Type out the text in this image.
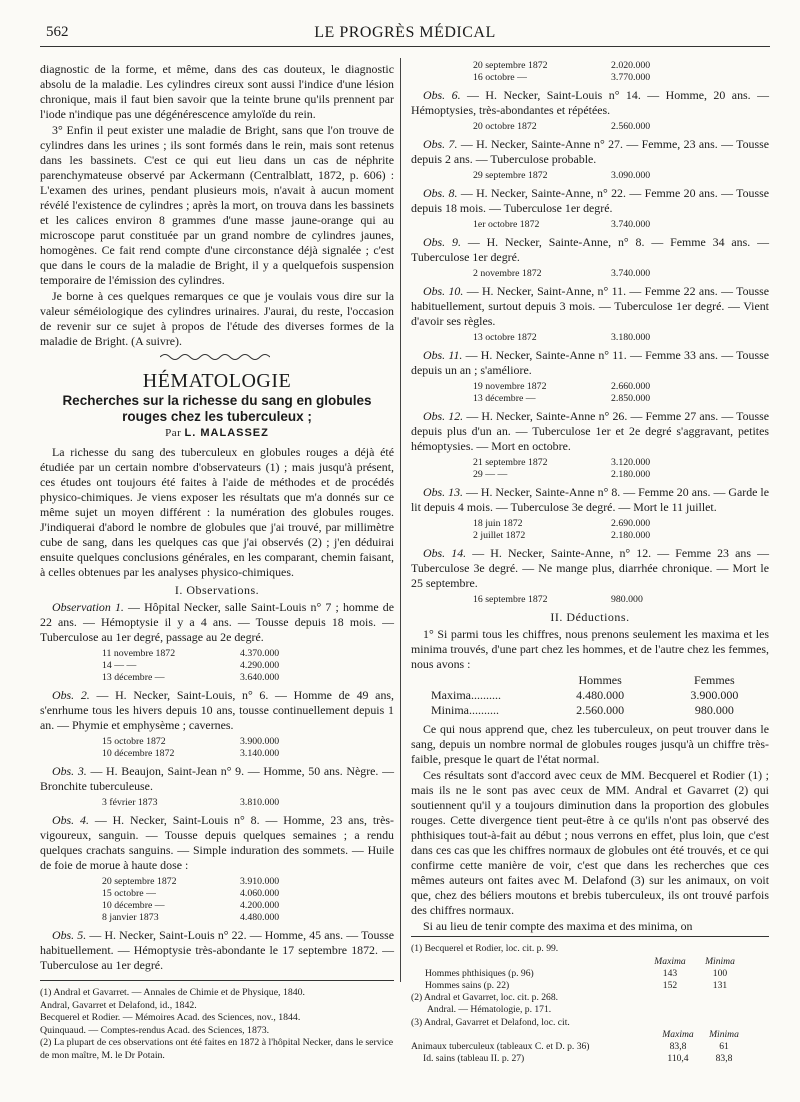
562	LE PROGRÈS MÉDICAL

diagnostic de la forme, et même, dans des cas douteux, le diagnostic absolu de la maladie. Les cylindres cireux sont aussi l'indice d'une lésion chronique, mais il faut bien savoir que la teinte brune qu'ils prennent par l'iode n'indique pas une dégénérescence amyloïde du rein.

3° Enfin il peut exister une maladie de Bright, sans que l'on trouve de cylindres dans les urines ; ils sont formés dans le rein, mais sont retenus dans les bassinets. C'est ce qui eut lieu dans un cas de néphrite parenchymateuse observé par Ackermann (Centralblatt, 1872, p. 606) : L'examen des urines, pendant plusieurs mois, n'avait à aucun moment révélé l'existence de cylindres ; après la mort, on trouva dans les bassinets et les calices environ 8 grammes d'une masse jaune-orange qui au microscope parut constituée par un grand nombre de cylindres jaunes, homogènes. Ce fait rend compte d'une circonstance déjà signalée ; c'est que dans le cours de la maladie de Bright, il y a quelquefois suspension temporaire de l'émission des cylindres.

Je borne à ces quelques remarques ce que je voulais vous dire sur la valeur séméiologique des cylindres urinaires. J'aurai, du reste, l'occasion de revenir sur ce sujet à propos de l'étude des diverses formes de la maladie de Bright. (A suivre).

HÉMATOLOGIE
Recherches sur la richesse du sang en globules rouges chez les tuberculeux ;
Par L. MALASSEZ

La richesse du sang des tuberculeux en globules rouges a déjà été étudiée par un certain nombre d'observateurs (1) ; mais jusqu'à présent, ces études ont toujours été faites à l'aide de méthodes et de procédés physico-chimiques. Je viens exposer les résultats que m'a donnés sur ce même sujet un moyen différent : la numération des globules rouges. J'indiquerai d'abord le nombre de globules que j'ai trouvé, par millimètre cube de sang, dans les quelques cas que j'ai observés (2) ; j'en déduirai ensuite quelques conclusions générales, en les comparant, chemin faisant, à celles obtenues par les analyses physico-chimiques.

I. Observations.

Observation 1. — Hôpital Necker, salle Saint-Louis n° 7 ; homme de 22 ans. — Hémoptysie il y a 4 ans. — Tousse depuis 18 mois. — Tuberculose au 1er degré, passage au 2e degré.

11 novembre 1872	4.370.000
14 — —	4.290.000
13 décembre —	3.640.000

Obs. 2. — H. Necker, Saint-Louis, n° 6. — Homme de 49 ans, s'enrhume tous les hivers depuis 10 ans, tousse continuellement depuis 1 an. — Phymie et emphysème ; cavernes.

15 octobre 1872	3.900.000
10 décembre 1872	3.140.000

Obs. 3. — H. Beaujon, Saint-Jean n° 9. — Homme, 50 ans. Nègre. — Bronchite tuberculeuse.

3 février 1873	3.810.000

Obs. 4. — H. Necker, Saint-Louis n° 8. — Homme, 23 ans, très-vigoureux, sanguin. — Tousse depuis quelques semaines ; a rendu quelques crachats sanguins. — Simple induration des sommets. — Huile de foie de morue à haute dose :

20 septembre 1872	3.910.000
15 octobre —	4.060.000
10 décembre —	4.200.000
8 janvier 1873	4.480.000

Obs. 5. — H. Necker, Saint-Louis n° 22. — Homme, 45 ans. — Tousse habituellement. — Hémoptysie très-abondante le 17 septembre 1872. — Tuberculose au 1er degré.

(1) Andral et Gavarret. — Annales de Chimie et de Physique, 1840.
Andral, Gavarret et Delafond, id., 1842.
Becquerel et Rodier. — Mémoires Acad. des Sciences, nov., 1844.
Quinquaud. — Comptes-rendus Acad. des Sciences, 1873.
(2) La plupart de ces observations ont été faites en 1872 à l'hôpital Necker, dans le service de mon maître, M. le Dr Potain.
20 septembre 1872	2.020.000
16 octobre —	3.770.000

Obs. 6. — H. Necker, Saint-Louis n° 14. — Homme, 20 ans. — Hémoptysies, très-abondantes et répétées.

20 octobre 1872	2.560.000

Obs. 7. — H. Necker, Sainte-Anne n° 27. — Femme, 23 ans. — Tousse depuis 2 ans. — Tuberculose probable.

29 septembre 1872	3.090.000

Obs. 8. — H. Necker, Sainte-Anne, n° 22. — Femme 20 ans. — Tousse depuis 18 mois. — Tuberculose 1er degré.

1er octobre 1872	3.740.000

Obs. 9. — H. Necker, Sainte-Anne, n° 8. — Femme 34 ans. — Tuberculose 1er degré.

2 novembre 1872	3.740.000

Obs. 10. — H. Necker, Saint-Anne, n° 11. — Femme 22 ans. — Tousse habituellement, surtout depuis 3 mois. — Tuberculose 1er degré. — Vient d'avoir ses règles.

13 octobre 1872	3.180.000

Obs. 11. — H. Necker, Sainte-Anne n° 11. — Femme 33 ans. — Tousse depuis un an ; s'améliore.

19 novembre 1872	2.660.000
13 décembre —	2.850.000

Obs. 12. — H. Necker, Sainte-Anne n° 26. — Femme 27 ans. — Tousse depuis plus d'un an. — Tuberculose 1er et 2e degré s'aggravant, petites hémoptysies. — Mort en octobre.

21 septembre 1872	3.120.000
29 — —	2.180.000

Obs. 13. — H. Necker, Sainte-Anne n° 8. — Femme 20 ans. — Garde le lit depuis 4 mois. — Tuberculose 3e degré. — Mort le 11 juillet.

18 juin 1872	2.690.000
2 juillet 1872	2.180.000

Obs. 14. — H. Necker, Sainte-Anne, n° 12. — Femme 23 ans — Tuberculose 3e degré. — Ne mange plus, diarrhée chronique. — Mort le 25 septembre.

16 septembre 1872	980.000
II. Déductions.

1° Si parmi tous les chiffres, nous prenons seulement les maxima et les minima trouvés, d'une part chez les hommes, et de l'autre chez les femmes, nous avons :

	Hommes	Femmes
Maxima..........	4.480.000	3.900.000
Minima..........	2.560.000	980.000

Ce qui nous apprend que, chez les tuberculeux, on peut trouver dans le sang, depuis un nombre normal de globules rouges jusqu'à un chiffre très-faible, presque le quart de l'état normal.

Ces résultats sont d'accord avec ceux de MM. Becquerel et Rodier (1) ; mais ils ne le sont pas avec ceux de MM. Andral et Gavarret (2) qui soutiennent qu'il y a toujours diminution dans la proportion des globules rouges. Cette divergence tient peut-être à ce qu'ils n'ont pas observé des phthisiques tout-à-fait au début ; nous verrons en effet, plus loin, que c'est dans ces cas que les chiffres normaux de globules ont été trouvés, et ce qui confirme cette manière de voir, c'est que dans les recherches que ces mêmes auteurs ont faites avec M. Delafond (3) sur les animaux, on voit que, chez des béliers moutons et brebis tuberculeux, ils ont trouvé parfois des chiffres normaux.

Si au lieu de tenir compte des maxima et des minima, on

(1) Becquerel et Rodier, loc. cit. p. 99.
	Maxima	Minima
Hommes phthisiques (p. 96)	143	100
Hommes sains (p. 22)	152	131
(2) Andral et Gavarret, loc. cit. p. 268.
Andral. — Hématologie, p. 171.
(3) Andral, Gavarret et Delafond, loc. cit.
	Maxima	Minima
Animaux tuberculeux (tableaux C. et D. p. 36)	83,8	61
Id. sains (tableau II. p. 27)	110,4	83,8
